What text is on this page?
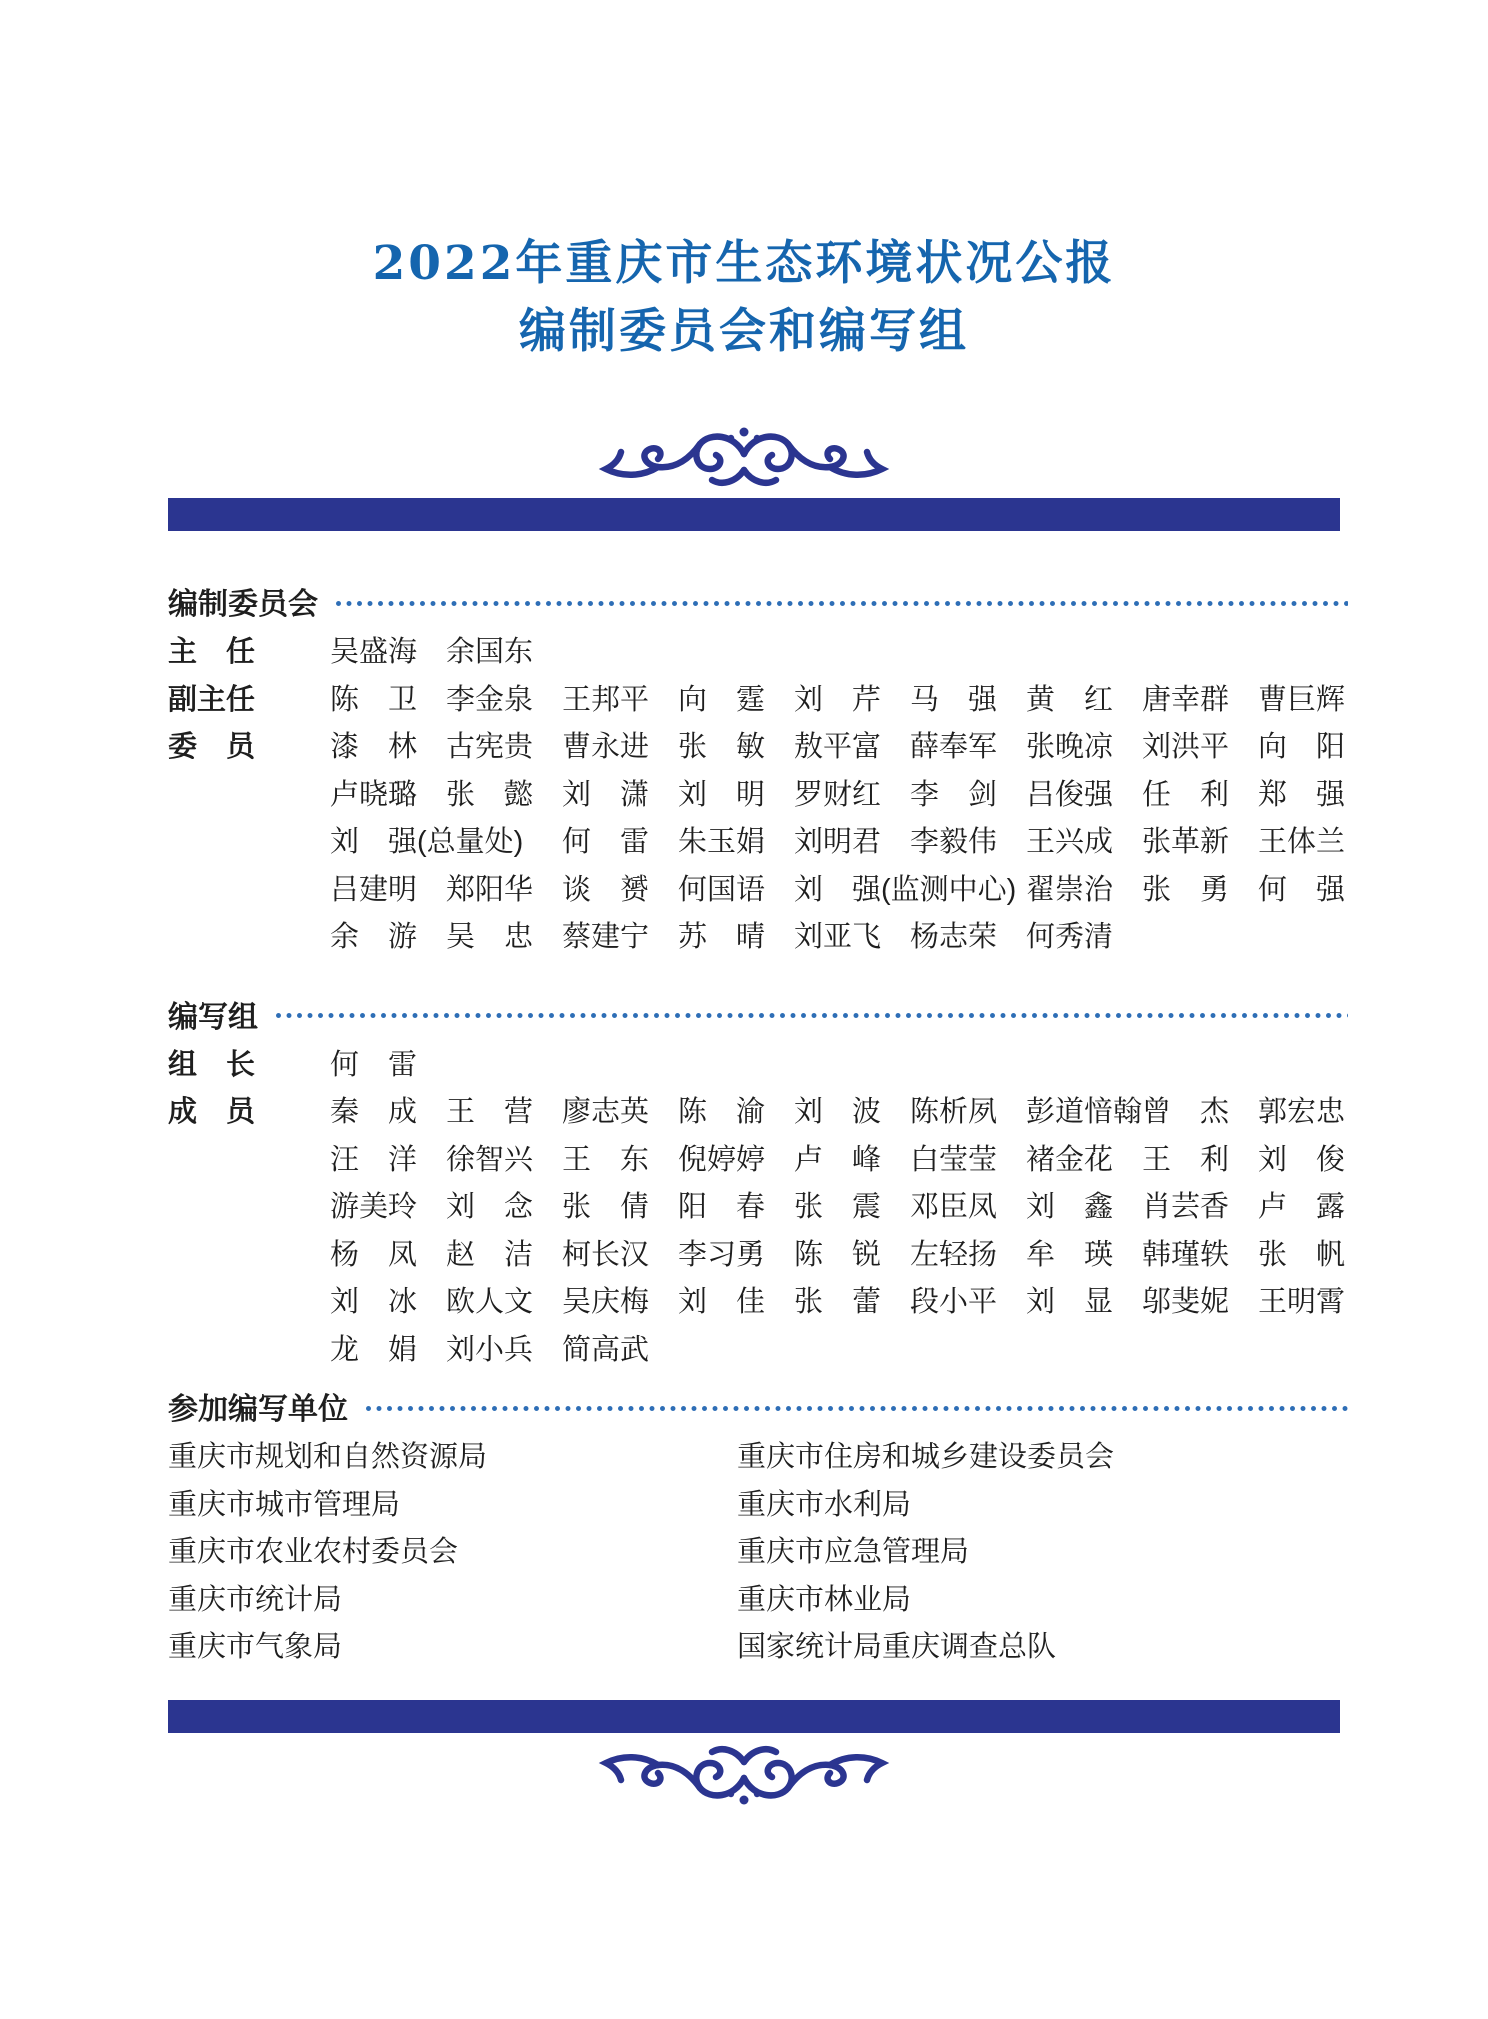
2022年重庆市生态环境状况公报
编制委员会和编写组
编制委员会
主　任	吴盛海 余国东
副主任	陈　卫 李金泉 王邦平 向　霆 刘　芹 马　强 黄　红 唐幸群 曹巨辉
委　员	漆　林 古宪贵 曹永进 张　敏 敖平富 薛奉军 张晚凉 刘洪平 向　阳
卢晓璐 张　懿 刘　潇 刘　明 罗财红 李　剑 吕俊强 任　利 郑　强
刘　强(总量处)	何　雷 朱玉娟 刘明君 李毅伟 王兴成 张革新 王体兰
吕建明 郑阳华 谈　赟 何国语 刘　强(监测中心) 翟崇治 张　勇 何　强
余　游 吴　忠 蔡建宁 苏　晴 刘亚飞 杨志荣 何秀清
编写组
组　长	何　雷
成　员	秦　成 王　营 廖志英 陈　渝 刘　波 陈析夙 彭道愔翰 曾　杰 郭宏忠
汪　洋 徐智兴 王　东 倪婷婷 卢　峰 白莹莹 褚金花 王　利 刘　俊
游美玲 刘　念 张　倩 阳　春 张　震 邓臣凤 刘　鑫 肖芸香 卢　露
杨　凤 赵　洁 柯长汉 李习勇 陈　锐 左轻扬 牟　瑛 韩瑾轶 张　帆
刘　冰 欧人文 吴庆梅 刘　佳 张　蕾 段小平 刘　显 邬斐妮 王明霄
龙　娟 刘小兵 简高武
参加编写单位
重庆市规划和自然资源局	重庆市住房和城乡建设委员会
重庆市城市管理局	重庆市水利局
重庆市农业农村委员会	重庆市应急管理局
重庆市统计局	重庆市林业局
重庆市气象局	国家统计局重庆调查总队
